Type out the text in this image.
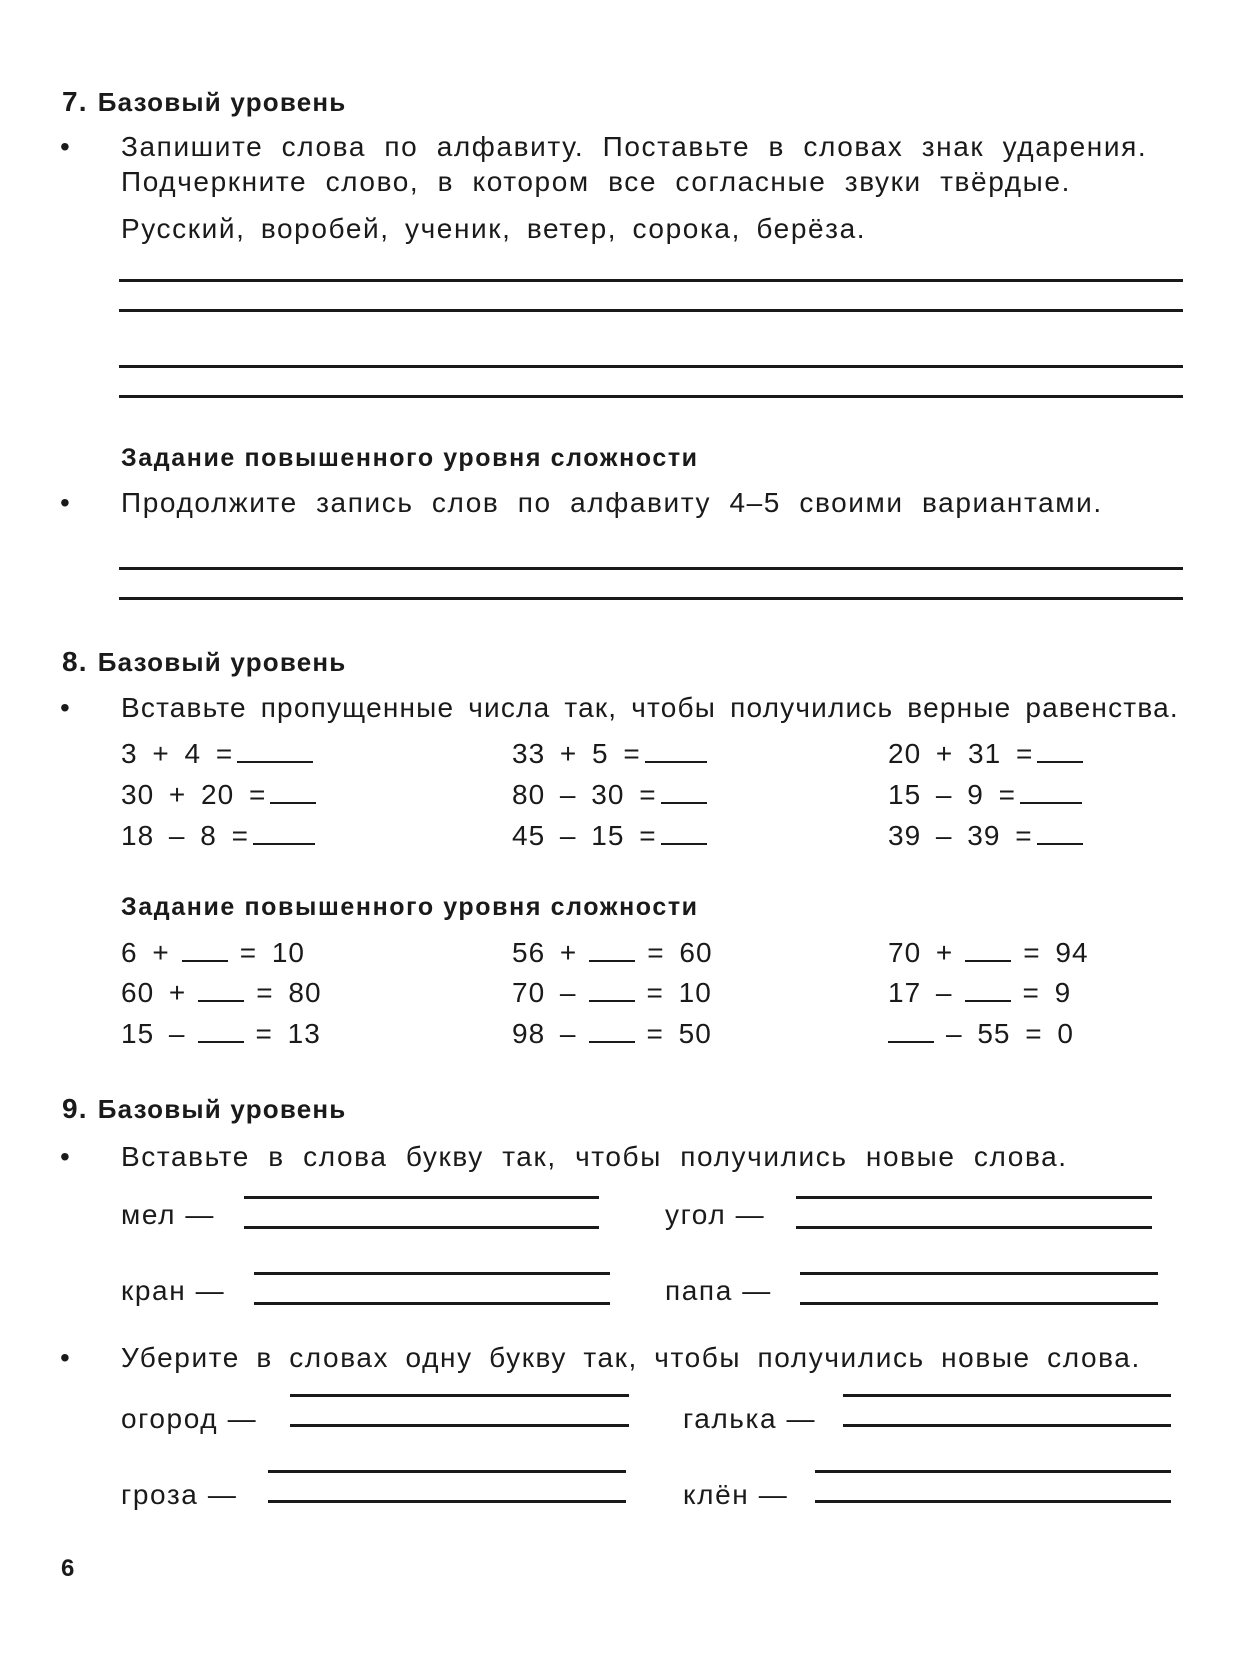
7. Базовый уровень
• Запишите слова по алфавиту. Поставьте в словах знак ударения.
Подчеркните слово, в котором все согласные звуки твёрдые.
Русский, воробей, ученик, ветер, сорока, берёза.
Задание повышенного уровня сложности
• Продолжите запись слов по алфавиту 4–5 своими вариантами.
8. Базовый уровень
• Вставьте пропущенные числа так, чтобы получились верные равенства.
3 + 4 =	33 + 5 =	20 + 31 =
30 + 20 =	80 – 30 =	15 – 9 =
18 – 8 =	45 – 15 =	39 – 39 =
Задание повышенного уровня сложности
6 +	= 10	56 +	= 60	70 +	= 94
60 +	= 80	70 –	= 10	17 –	= 9
15 –	= 13	98 –	= 50	– 55 = 0
9. Базовый уровень
• Вставьте в слова букву так, чтобы получились новые слова.
мел —	угол —
кран —	папа —
• Уберите в словах одну букву так, чтобы получились новые слова.
огород —	галька —
гроза —	клён —
6
